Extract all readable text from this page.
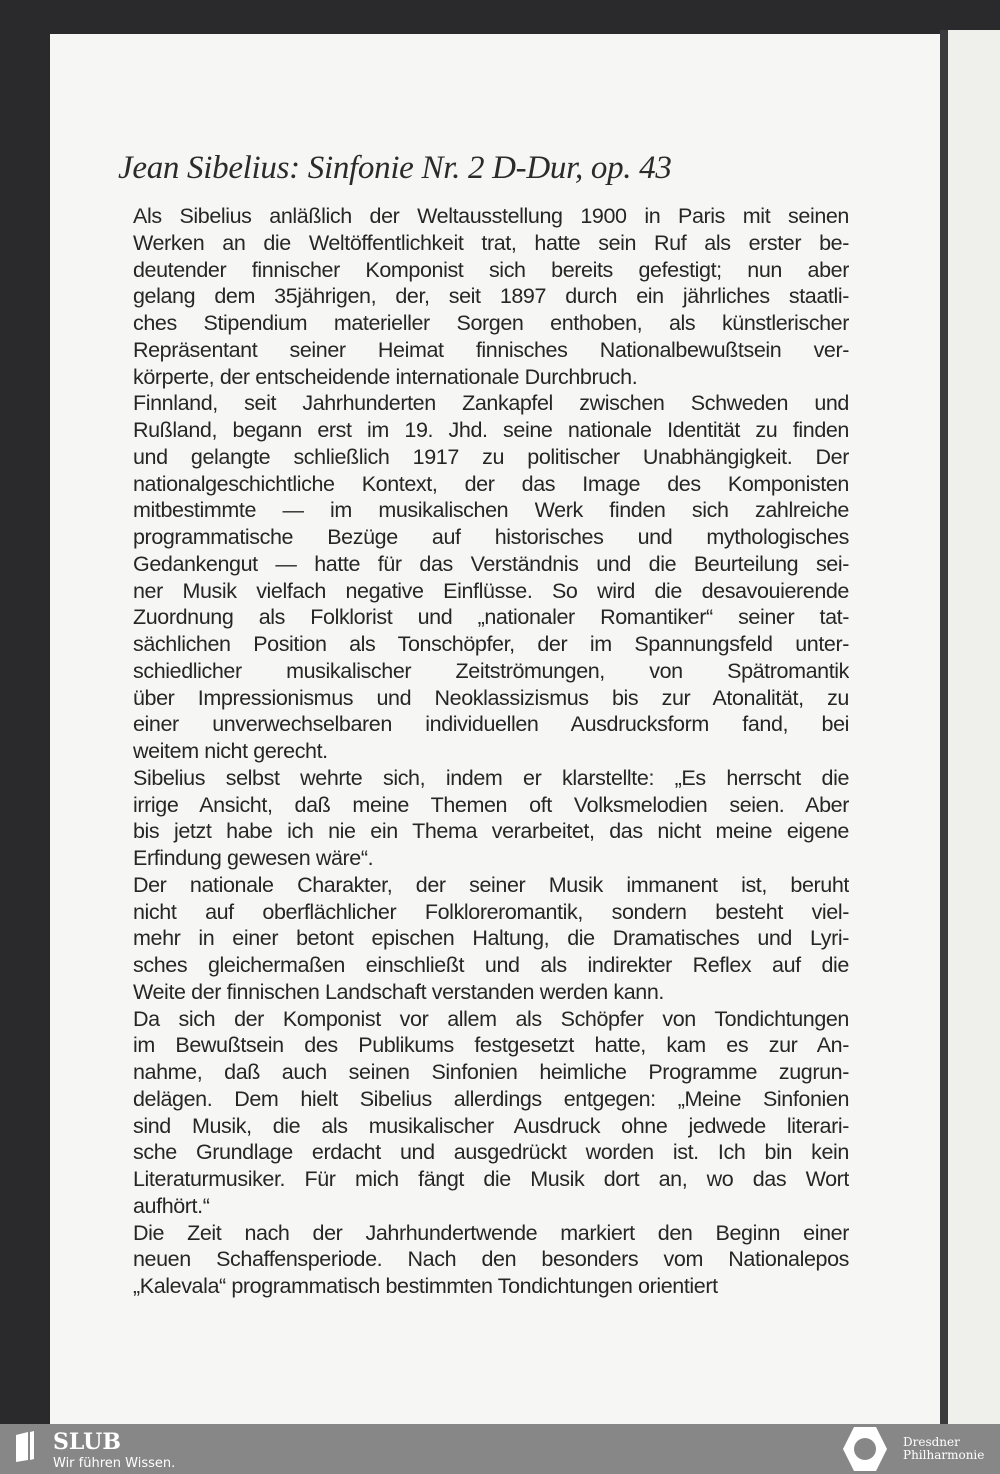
Jean Sibelius: Sinfonie Nr. 2 D-Dur, op. 43
Als Sibelius anläßlich der Weltausstellung 1900 in Paris mit seinen
Werken an die Weltöffentlichkeit trat, hatte sein Ruf als erster be-
deutender finnischer Komponist sich bereits gefestigt; nun aber
gelang dem 35jährigen, der, seit 1897 durch ein jährliches staatli-
ches Stipendium materieller Sorgen enthoben, als künstlerischer
Repräsentant seiner Heimat finnisches Nationalbewußtsein ver-
körperte, der entscheidende internationale Durchbruch.
Finnland, seit Jahrhunderten Zankapfel zwischen Schweden und
Rußland, begann erst im 19. Jhd. seine nationale Identität zu finden
und gelangte schließlich 1917 zu politischer Unabhängigkeit. Der
nationalgeschichtliche Kontext, der das Image des Komponisten
mitbestimmte — im musikalischen Werk finden sich zahlreiche
programmatische Bezüge auf historisches und mythologisches
Gedankengut — hatte für das Verständnis und die Beurteilung sei-
ner Musik vielfach negative Einflüsse. So wird die desavouierende
Zuordnung als Folklorist und „nationaler Romantiker“ seiner tat-
sächlichen Position als Tonschöpfer, der im Spannungsfeld unter-
schiedlicher musikalischer Zeitströmungen, von Spätromantik
über Impressionismus und Neoklassizismus bis zur Atonalität, zu
einer unverwechselbaren individuellen Ausdrucksform fand, bei
weitem nicht gerecht.
Sibelius selbst wehrte sich, indem er klarstellte: „Es herrscht die
irrige Ansicht, daß meine Themen oft Volksmelodien seien. Aber
bis jetzt habe ich nie ein Thema verarbeitet, das nicht meine eigene
Erfindung gewesen wäre“.
Der nationale Charakter, der seiner Musik immanent ist, beruht
nicht auf oberflächlicher Folkloreromantik, sondern besteht viel-
mehr in einer betont epischen Haltung, die Dramatisches und Lyri-
sches gleichermaßen einschließt und als indirekter Reflex auf die
Weite der finnischen Landschaft verstanden werden kann.
Da sich der Komponist vor allem als Schöpfer von Tondichtungen
im Bewußtsein des Publikums festgesetzt hatte, kam es zur An-
nahme, daß auch seinen Sinfonien heimliche Programme zugrun-
delägen. Dem hielt Sibelius allerdings entgegen: „Meine Sinfonien
sind Musik, die als musikalischer Ausdruck ohne jedwede literari-
sche Grundlage erdacht und ausgedrückt worden ist. Ich bin kein
Literaturmusiker. Für mich fängt die Musik dort an, wo das Wort
aufhört.“
Die Zeit nach der Jahrhundertwende markiert den Beginn einer
neuen Schaffensperiode. Nach den besonders vom Nationalepos
„Kalevala“ programmatisch bestimmten Tondichtungen orientiert
SLUB
Wir führen Wissen.
Dresdner
Philharmonie
